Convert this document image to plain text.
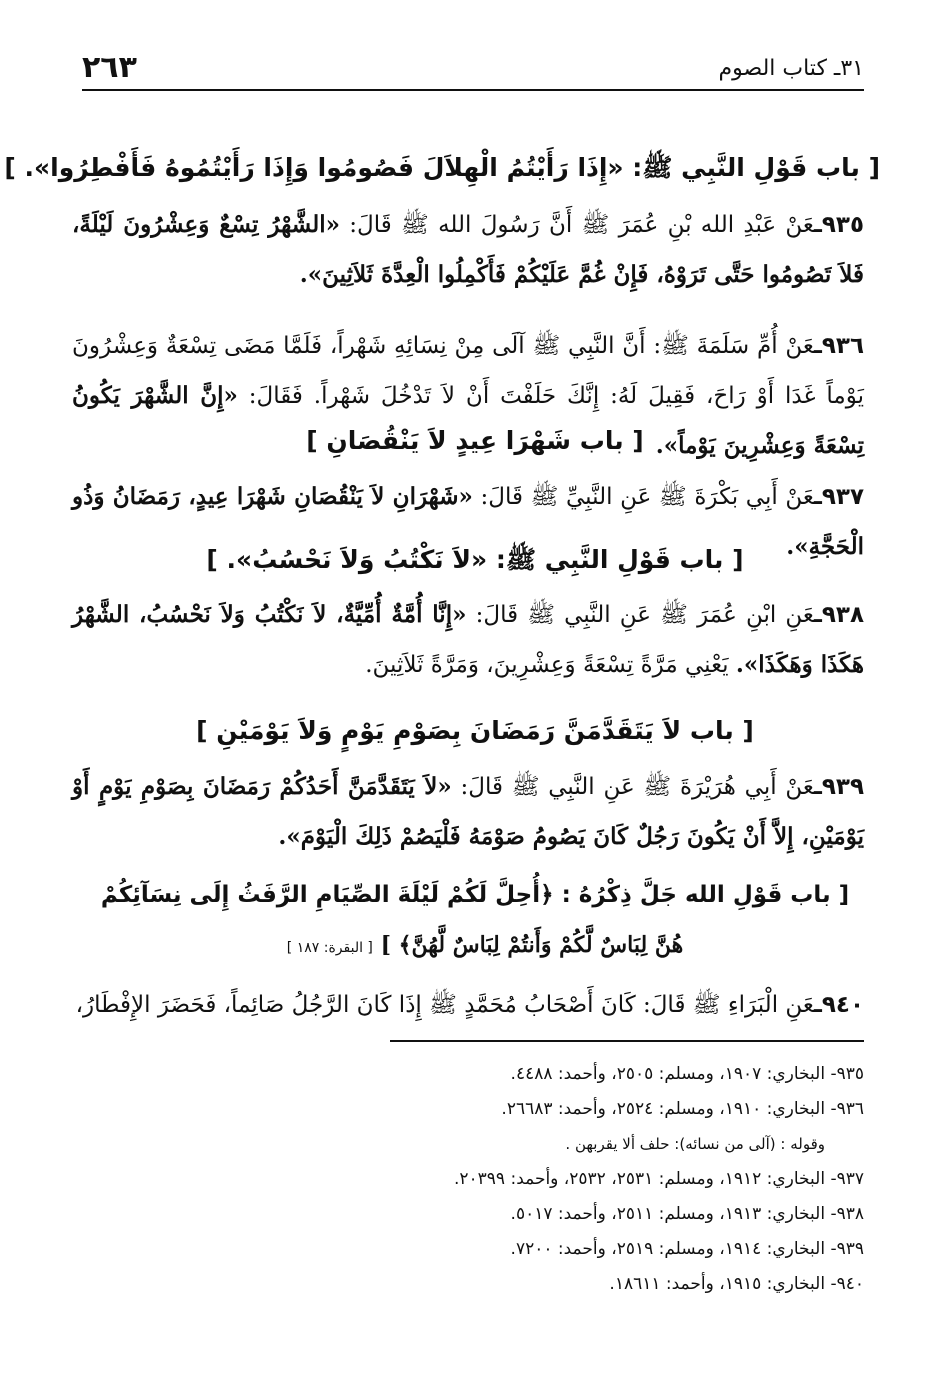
٣١ـ كتاب الصوم
٢٦٣
[ باب قَوْلِ النَّبِي ﷺ: «إِذَا رَأَيْتُمُ الْهِلاَلَ فَصُومُوا وَإِذَا رَأَيْتُمُوهُ فَأَفْطِرُوا». ]
٩٣٥ـعَنْ عَبْدِ الله بْنِ عُمَرَ ﷺ أَنَّ رَسُولَ الله ﷺ قَالَ: «الشَّهْرُ تِسْعٌ وَعِشْرُونَ لَيْلَةً، فَلاَ تَصُومُوا حَتَّى تَرَوْهُ، فَإِنْ غُمَّ عَلَيْكُمْ فَأَكْمِلُوا الْعِدَّةَ ثَلاَثِينَ».
٩٣٦ـعَنْ أُمِّ سَلَمَةَ ﷺ: أَنَّ النَّبِي ﷺ آلَى مِنْ نِسَائِهِ شَهْراً، فَلَمَّا مَضَى تِسْعَةٌ وَعِشْرُونَ يَوْماً غَدَا أَوْ رَاحَ، فَقِيلَ لَهُ: إِنَّكَ حَلَفْتَ أَنْ لاَ تَدْخُلَ شَهْراً. فَقَالَ: «إِنَّ الشَّهْرَ يَكُونُ تِسْعَةً وَعِشْرِينَ يَوْماً».
[ باب شَهْرَا عِيدٍ لاَ يَنْقُصَانِ ]
٩٣٧ـعَنْ أَبِي بَكْرَةَ ﷺ عَنِ النَّبِيِّ ﷺ قَالَ: «شَهْرَانِ لاَ يَنْقُصَانِ شَهْرَا عِيدٍ، رَمَضَانُ وَذُو الْحَجَّةِ».
[ باب قَوْلِ النَّبِي ﷺ: «لاَ نَكْتُبُ وَلاَ نَحْسُبُ». ]
٩٣٨ـعَنِ ابْنِ عُمَرَ ﷺ عَنِ النَّبِي ﷺ قَالَ: «إِنَّا أُمَّةٌ أُمِّيَّةٌ، لاَ نَكْتُبُ وَلاَ نَحْسُبُ، الشَّهْرُ هَكَذَا وَهَكَذَا». يَعْنِي مَرَّةً تِسْعَةً وَعِشْرِينَ، وَمَرَّةً ثَلاَثِينَ.
[ باب لاَ يَتَقَدَّمَنَّ رَمَضَانَ بِصَوْمِ يَوْمٍ وَلاَ يَوْمَيْنِ ]
٩٣٩ـعَنْ أَبِي هُرَيْرَةَ ﷺ عَنِ النَّبِي ﷺ قَالَ: «لاَ يَتَقَدَّمَنَّ أَحَدُكُمْ رَمَضَانَ بِصَوْمِ يَوْمٍ أَوْ يَوْمَيْنِ، إِلاَّ أَنْ يَكُونَ رَجُلٌ كَانَ يَصُومُ صَوْمَهُ فَلْيَصُمْ ذَلِكَ الْيَوْمَ».
[ باب قَوْلِ الله جَلَّ ذِكْرُهُ : ﴿أُحِلَّ لَكُمْ لَيْلَةَ الصِّيَامِ الرَّفَثُ إِلَى نِسَآئِكُمْ
هُنَّ لِبَاسٌ لَّكُمْ وَأَنتُمْ لِبَاسٌ لَّهُنَّ﴾ ] [ البقرة: ١٨٧ ]
٩٤٠ـعَنِ الْبَرَاءِ ﷺ قَالَ: كَانَ أَصْحَابُ مُحَمَّدٍ ﷺ إِذَا كَانَ الرَّجُلُ صَائِماً، فَحَضَرَ الإِفْطَارُ،
٩٣٥- البخاري: ١٩٠٧، ومسلم: ٢٥٠٥، وأحمد: ٤٤٨٨.
٩٣٦- البخاري: ١٩١٠، ومسلم: ٢٥٢٤، وأحمد: ٢٦٦٨٣.
وقوله : (آلى من نسائه): حلف ألا يقربهن .
٩٣٧- البخاري: ١٩١٢، ومسلم: ٢٥٣١، ٢٥٣٢، وأحمد: ٢٠٣٩٩.
٩٣٨- البخاري: ١٩١٣، ومسلم: ٢٥١١، وأحمد: ٥٠١٧.
٩٣٩- البخاري: ١٩١٤، ومسلم: ٢٥١٩، وأحمد: ٧٢٠٠.
٩٤٠- البخاري: ١٩١٥، وأحمد: ١٨٦١١.
